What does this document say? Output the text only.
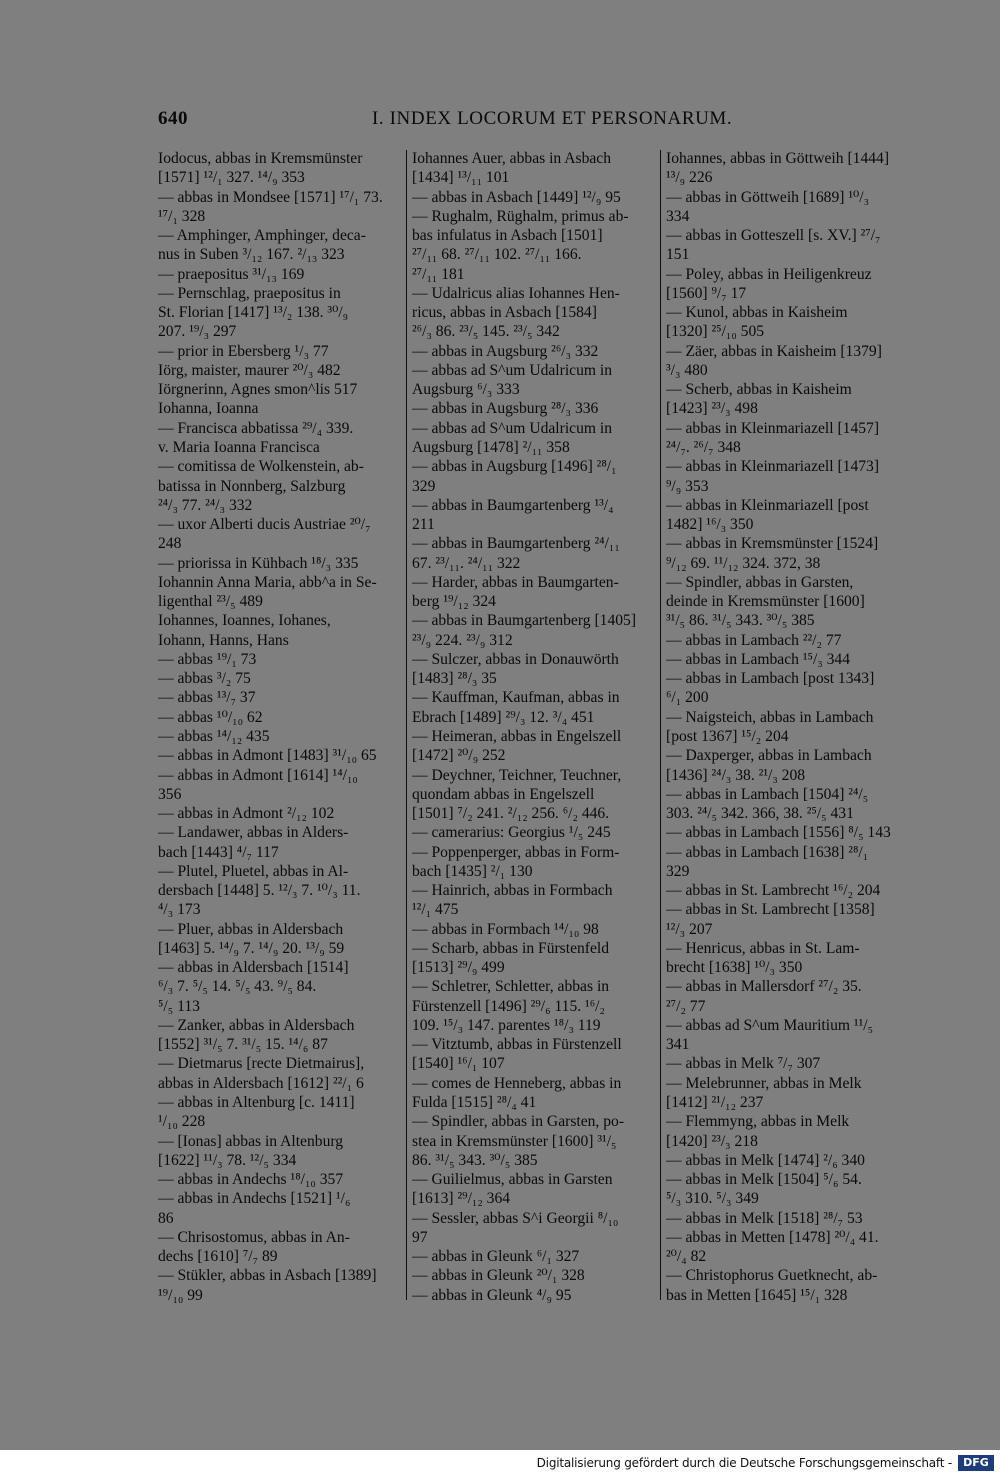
640	I. INDEX LOCORUM ET PERSONARUM.
Iodocus, abbas in Kremsmünster
[1571] ¹²/₁ 327. ¹⁴/₉ 353
— abbas in Mondsee [1571] ¹⁷/₁ 73.
¹⁷/₁ 328
— Amphinger, Amphinger, deca-
nus in Suben ³/₁₂ 167. ²/₁₃ 323
— praepositus ³¹/₁₃ 169
— Pernschlag, praepositus in
St. Florian [1417] ¹³/₂ 138. ³⁰/₉
207. ¹⁹/₃ 297
— prior in Ebersberg ¹/₃ 77
Iörg, maister, maurer ²⁰/₃ 482
Iörgnerinn, Agnes smon^lis 517
Iohanna, Ioanna
— Francisca abbatissa ²⁹/₄ 339.
v. Maria Ioanna Francisca
— comitissa de Wolkenstein, ab-
batissa in Nonnberg, Salzburg
²⁴/₃ 77. ²⁴/₃ 332
— uxor Alberti ducis Austriae ²⁰/₇
248
— priorissa in Kühbach ¹⁸/₃ 335
Iohannin Anna Maria, abb^a in Se-
ligenthal ²³/₅ 489
Iohannes, Ioannes, Iohanes,
Iohann, Hanns, Hans
— abbas ¹⁹/₁ 73
— abbas ³/₂ 75
— abbas ¹³/₇ 37
— abbas ¹⁰/₁₀ 62
— abbas ¹⁴/₁₂ 435
— abbas in Admont [1483] ³¹/₁₀ 65
— abbas in Admont [1614] ¹⁴/₁₀
356
— abbas in Admont ²/₁₂ 102
— Landawer, abbas in Alders-
bach [1443] ⁴/₇ 117
— Plutel, Pluetel, abbas in Al-
dersbach [1448] 5. ¹²/₃ 7. ¹⁰/₃ 11.
⁴/₃ 173
— Pluer, abbas in Aldersbach
[1463] 5. ¹⁴/₉ 7. ¹⁴/₉ 20. ¹³/₉ 59
— abbas in Aldersbach [1514]
⁶/₃ 7. ⁵/₅ 14. ⁵/₅ 43. ⁹/₅ 84.
⁵/₅ 113
— Zanker, abbas in Aldersbach
[1552] ³¹/₅ 7. ³¹/₅ 15. ¹⁴/₆ 87
— Dietmarus [recte Dietmairus],
abbas in Aldersbach [1612] ²²/₁ 6
— abbas in Altenburg [c. 1411]
¹/₁₀ 228
— [Ionas] abbas in Altenburg
[1622] ¹¹/₃ 78. ¹²/₅ 334
— abbas in Andechs ¹⁸/₁₀ 357
— abbas in Andechs [1521] ¹/₆
86
— Chrisostomus, abbas in An-
dechs [1610] ⁷/₇ 89
— Stükler, abbas in Asbach [1389]
¹⁹/₁₀ 99
Iohannes Auer, abbas in Asbach
[1434] ¹³/₁₁ 101
— abbas in Asbach [1449] ¹²/₉ 95
— Rughalm, Rüghalm, primus ab-
bas infulatus in Asbach [1501]
²⁷/₁₁ 68. ²⁷/₁₁ 102. ²⁷/₁₁ 166.
²⁷/₁₁ 181
— Udalricus alias Iohannes Hen-
ricus, abbas in Asbach [1584]
²⁶/₃ 86. ²³/₅ 145. ²³/₅ 342
— abbas in Augsburg ²⁶/₃ 332
— abbas ad S^um Udalricum in
Augsburg ⁶/₃ 333
— abbas in Augsburg ²⁸/₃ 336
— abbas ad S^um Udalricum in
Augsburg [1478] ²/₁₁ 358
— abbas in Augsburg [1496] ²⁸/₁
329
— abbas in Baumgartenberg ¹³/₄
211
— abbas in Baumgartenberg ²⁴/₁₁
67. ²³/₁₁. ²⁴/₁₁ 322
— Harder, abbas in Baumgarten-
berg ¹⁹/₁₂ 324
— abbas in Baumgartenberg [1405]
²³/₉ 224. ²³/₉ 312
— Sulczer, abbas in Donauwörth
[1483] ²⁸/₃ 35
— Kauffman, Kaufman, abbas in
Ebrach [1489] ²⁹/₃ 12. ³/₄ 451
— Heimeran, abbas in Engelszell
[1472] ²⁰/₉ 252
— Deychner, Teichner, Teuchner,
quondam abbas in Engelszell
[1501] ⁷/₂ 241. ²/₁₂ 256. ⁶/₂ 446.
— camerarius: Georgius ¹/₅ 245
— Poppenperger, abbas in Form-
bach [1435] ²/₁ 130
— Hainrich, abbas in Formbach
¹²/₁ 475
— abbas in Formbach ¹⁴/₁₀ 98
— Scharb, abbas in Fürstenfeld
[1513] ²⁹/₉ 499
— Schletrer, Schletter, abbas in
Fürstenzell [1496] ²⁹/₆ 115. ¹⁶/₂
109. ¹⁵/₃ 147. parentes ¹⁸/₃ 119
— Vitztumb, abbas in Fürstenzell
[1540] ¹⁶/₁ 107
— comes de Henneberg, abbas in
Fulda [1515] ²⁸/₄ 41
— Spindler, abbas in Garsten, po-
stea in Kremsmünster [1600] ³¹/₅
86. ³¹/₅ 343. ³⁰/₅ 385
— Guilielmus, abbas in Garsten
[1613] ²⁹/₁₂ 364
— Sessler, abbas S^i Georgii ⁸/₁₀
97
— abbas in Gleunk ⁶/₁ 327
— abbas in Gleunk ²⁰/₁ 328
— abbas in Gleunk ⁴/₉ 95
Iohannes, abbas in Göttweih [1444]
¹³/₉ 226
— abbas in Göttweih [1689] ¹⁰/₃
334
— abbas in Gotteszell [s. XV.] ²⁷/₇
151
— Poley, abbas in Heiligenkreuz
[1560] ⁹/₇ 17
— Kunol, abbas in Kaisheim
[1320] ²⁵/₁₀ 505
— Zäer, abbas in Kaisheim [1379]
³/₃ 480
— Scherb, abbas in Kaisheim
[1423] ²³/₃ 498
— abbas in Kleinmariazell [1457]
²⁴/₇. ²⁶/₇ 348
— abbas in Kleinmariazell [1473]
⁹/₉ 353
— abbas in Kleinmariazell [post
1482] ¹⁶/₃ 350
— abbas in Kremsmünster [1524]
⁹/₁₂ 69. ¹¹/₁₂ 324. 372, 38
— Spindler, abbas in Garsten,
deinde in Kremsmünster [1600]
³¹/₅ 86. ³¹/₅ 343. ³⁰/₅ 385
— abbas in Lambach ²²/₂ 77
— abbas in Lambach ¹⁵/₃ 344
— abbas in Lambach [post 1343]
⁶/₁ 200
— Naigsteich, abbas in Lambach
[post 1367] ¹⁵/₂ 204
— Daxperger, abbas in Lambach
[1436] ²⁴/₃ 38. ²¹/₃ 208
— abbas in Lambach [1504] ²⁴/₅
303. ²⁴/₅ 342. 366, 38. ²⁵/₅ 431
— abbas in Lambach [1556] ⁸/₅ 143
— abbas in Lambach [1638] ²⁸/₁
329
— abbas in St. Lambrecht ¹⁶/₂ 204
— abbas in St. Lambrecht [1358]
¹²/₃ 207
— Henricus, abbas in St. Lam-
brecht [1638] ¹⁰/₃ 350
— abbas in Mallersdorf ²⁷/₂ 35.
²⁷/₂ 77
— abbas ad S^um Mauritium ¹¹/₅
341
— abbas in Melk ⁷/₇ 307
— Melebrunner, abbas in Melk
[1412] ²¹/₁₂ 237
— Flemmyng, abbas in Melk
[1420] ²³/₃ 218
— abbas in Melk [1474] ²/₆ 340
— abbas in Melk [1504] ⁵/₆ 54.
⁵/₃ 310. ⁵/₃ 349
— abbas in Melk [1518] ²⁸/₇ 53
— abbas in Metten [1478] ²⁰/₄ 41.
²⁰/₄ 82
— Christophorus Guetknecht, ab-
bas in Metten [1645] ¹⁵/₁ 328
Digitalisierung gefördert durch die Deutsche Forschungsgemeinschaft -	DFG
